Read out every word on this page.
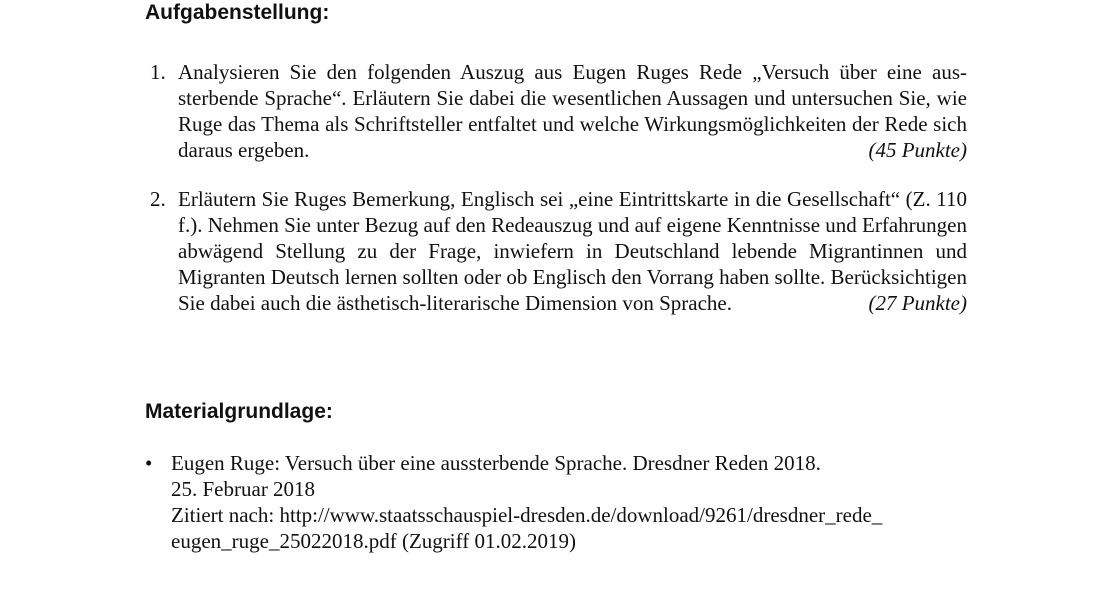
Aufgabenstellung:
1. Analysieren Sie den folgenden Auszug aus Eugen Ruges Rede „Versuch über eine aussterbende Sprache“. Erläutern Sie dabei die wesentlichen Aussagen und untersuchen Sie, wie Ruge das Thema als Schriftsteller entfaltet und welche Wirkungsmöglichkeiten der Rede sich daraus ergeben.	(45 Punkte)
2. Erläutern Sie Ruges Bemerkung, Englisch sei „eine Eintrittskarte in die Gesellschaft“ (Z. 110 f.). Nehmen Sie unter Bezug auf den Redeauszug und auf eigene Kenntnisse und Erfahrungen abwägend Stellung zu der Frage, inwiefern in Deutschland lebende Migrantinnen und Migranten Deutsch lernen sollten oder ob Englisch den Vorrang haben sollte. Berücksichtigen Sie dabei auch die ästhetisch-literarische Dimension von Sprache.	(27 Punkte)
Materialgrundlage:
• Eugen Ruge: Versuch über eine aussterbende Sprache. Dresdner Reden 2018.
25. Februar 2018
Zitiert nach: http://www.staatsschauspiel-dresden.de/download/9261/dresdner_rede_
eugen_ruge_25022018.pdf (Zugriff 01.02.2019)
